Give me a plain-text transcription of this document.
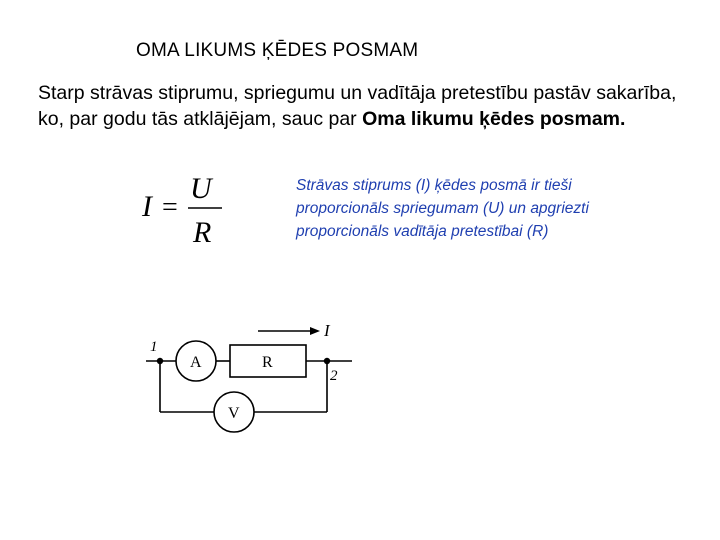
OMA LIKUMS ĶĒDES POSMAM
Starp strāvas stiprumu, spriegumu un vadītāja pretestību pastāv sakarība, ko, par godu tās atklājējam, sauc par Oma likumu ķēdes posmam.
I =
U
R
Strāvas stiprums (I) ķēdes posmā ir tieši proporcionāls spriegumam (U) un apgriezti proporcionāls vadītāja pretestībai (R)
A	R
V
I
1
2
